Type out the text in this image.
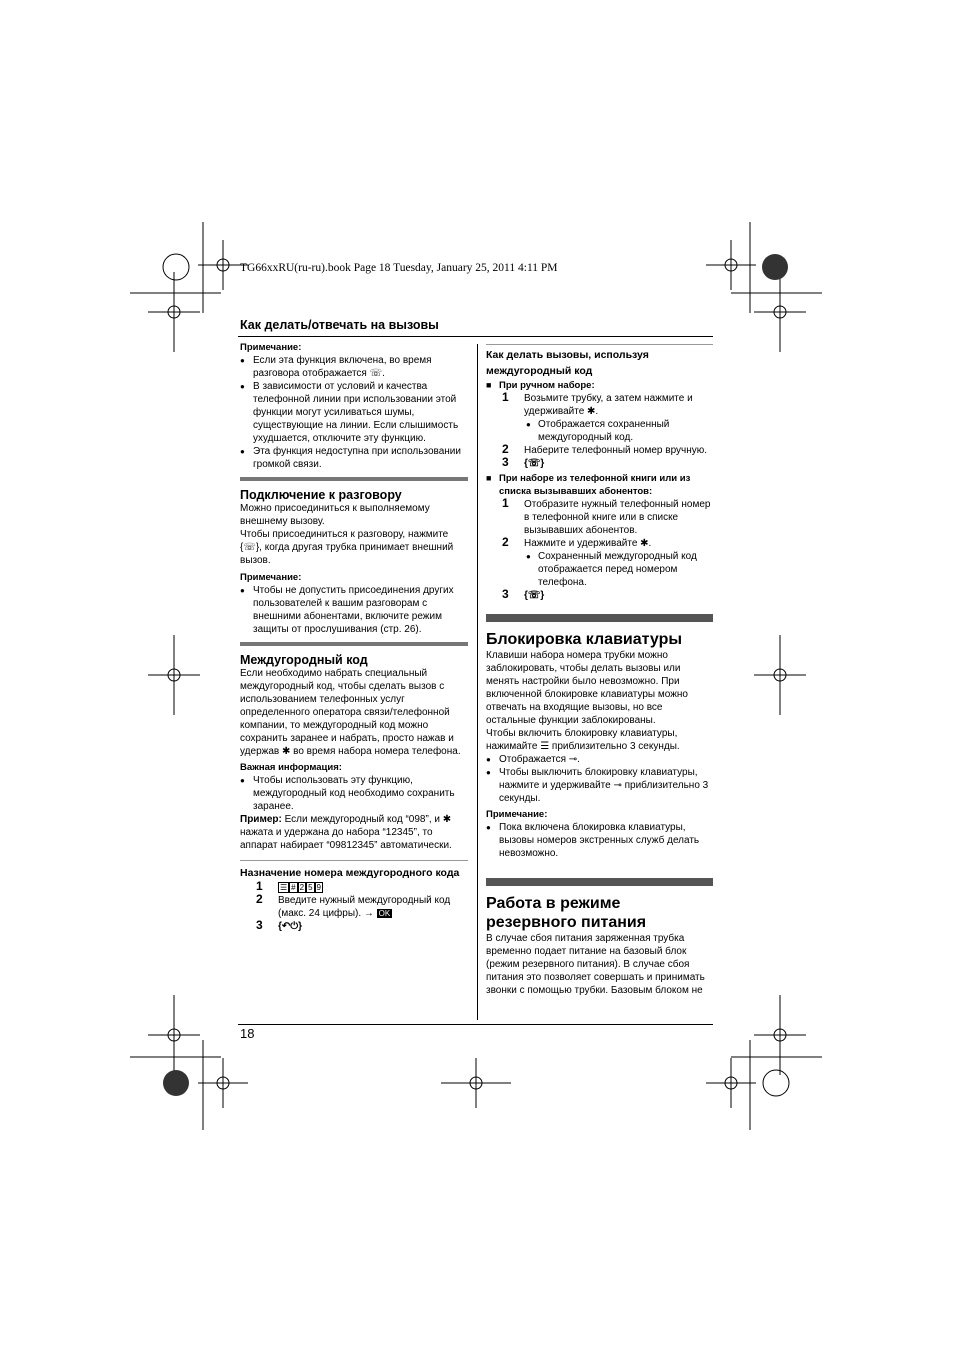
TG66xxRU(ru-ru).book Page 18 Tuesday, January 25, 2011 4:11 PM
Как делать/отвечать на вызовы
18

Примечание:

● Если эта функция включена, во время разговора отображается ☏.

● В зависимости от условий и качества телефонной линии при использовании этой функции могут усиливаться шумы, существующие на линии. Если слышимость ухудшается, отключите эту функцию.

● Эта функция недоступна при использовании громкой связи.

Подключение к разговору

Можно присоединиться к выполняемому внешнему вызову.

Чтобы присоединиться к разговору, нажмите {☏}, когда другая трубка принимает внешний вызов.

Примечание:

● Чтобы не допустить присоединения других пользователей к вашим разговорам с внешними абонентами, включите режим защиты от прослушивания (стр. 26).

Междугородный код

Если необходимо набрать специальный междугородный код, чтобы сделать вызов с использованием телефонных услуг определенного оператора связи/телефонной компании, то междугородный код можно сохранить заранее и набрать, просто нажав и удержав ✱ во время набора номера телефона.

Важная информация:

● Чтобы использовать эту функцию, междугородный код необходимо сохранить заранее.

Пример: Если междугородный код “098”, и ✱ нажата и удержана до набора “12345”, то аппарат набирает “09812345” автоматически.

Назначение номера междугородного кода

1 ☰ # 2 5 9
2 Введите нужный междугородный код (макс. 24 цифры). → OK
3 {↶⏻}

Как делать вызовы, используя междугородный код

■ При ручном наборе:

1 Возьмите трубку, а затем нажмите и удерживайте ✱.

● Отображается сохраненный междугородный код.

2 Наберите телефонный номер вручную.

3 {☏}

■ При наборе из телефонной книги или из списка вызывавших абонентов:

1 Отобразите нужный телефонный номер в телефонной книге или в списке вызывавших абонентов.

2 Нажмите и удерживайте ✱.

● Сохраненный междугородный код отображается перед номером телефона.

3 {☏}

Блокировка клавиатуры

Клавиши набора номера трубки можно заблокировать, чтобы делать вызовы или менять настройки было невозможно. При включенной блокировке клавиатуры можно отвечать на входящие вызовы, но все остальные функции заблокированы.

Чтобы включить блокировку клавиатуры, нажимайте ☰ приблизительно 3 секунды.

● Отображается ⊸.

● Чтобы выключить блокировку клавиатуры, нажмите и удерживайте ⊸ приблизительно 3 секунды.

Примечание:

● Пока включена блокировка клавиатуры, вызовы номеров экстренных служб делать невозможно.

Работа в режиме резервного питания

В случае сбоя питания заряженная трубка временно подает питание на базовый блок (режим резервного питания). В случае сбоя питания это позволяет совершать и принимать звонки с помощью трубки. Базовым блоком не
